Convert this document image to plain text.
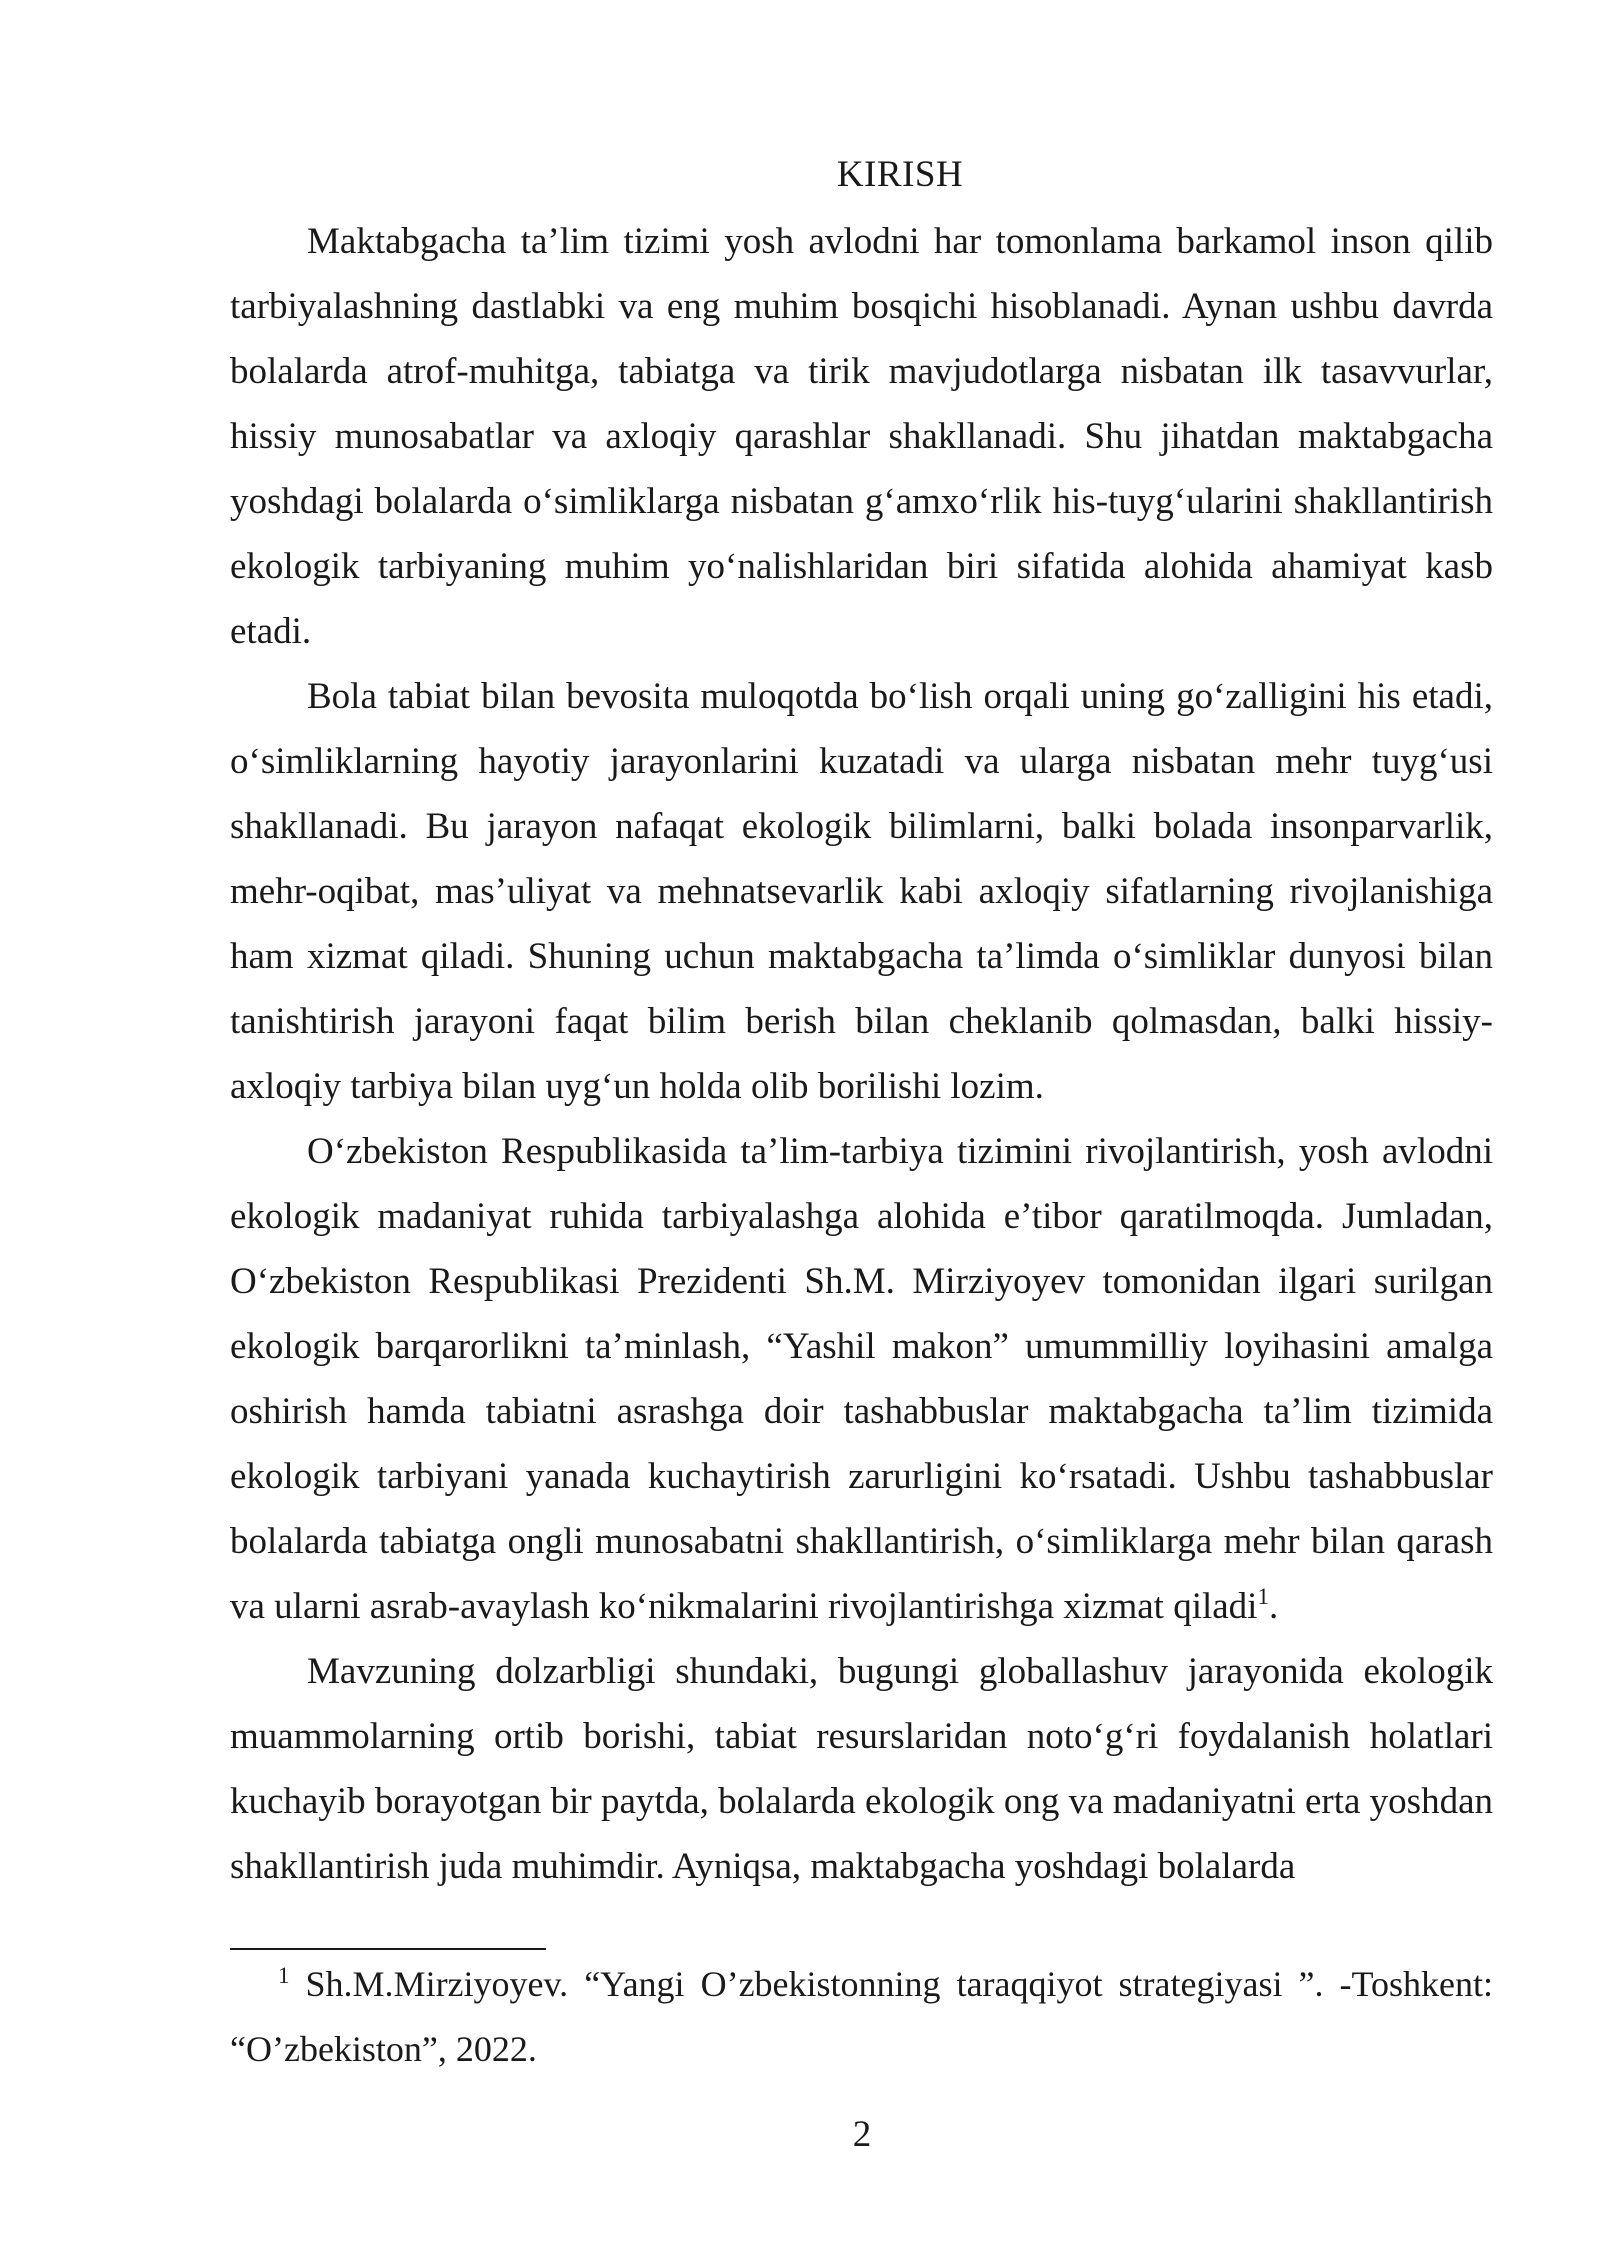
KIRISH

Maktabgacha ta’lim tizimi yosh avlodni har tomonlama barkamol inson qilib tarbiyalashning dastlabki va eng muhim bosqichi hisoblanadi. Aynan ushbu davrda bolalarda atrof-muhitga, tabiatga va tirik mavjudotlarga nisbatan ilk tasavvurlar, hissiy munosabatlar va axloqiy qarashlar shakllanadi. Shu jihatdan maktabgacha yoshdagi bolalarda o‘simliklarga nisbatan g‘amxo‘rlik his-tuyg‘ularini shakllantirish ekologik tarbiyaning muhim yo‘nalishlaridan biri sifatida alohida ahamiyat kasb etadi.

Bola tabiat bilan bevosita muloqotda bo‘lish orqali uning go‘zalligini his etadi, o‘simliklarning hayotiy jarayonlarini kuzatadi va ularga nisbatan mehr tuyg‘usi shakllanadi. Bu jarayon nafaqat ekologik bilimlarni, balki bolada insonparvarlik, mehr-oqibat, mas’uliyat va mehnatsevarlik kabi axloqiy sifatlarning rivojlanishiga ham xizmat qiladi. Shuning uchun maktabgacha ta’limda o‘simliklar dunyosi bilan tanishtirish jarayoni faqat bilim berish bilan cheklanib qolmasdan, balki hissiy-axloqiy tarbiya bilan uyg‘un holda olib borilishi lozim.

O‘zbekiston Respublikasida ta’lim-tarbiya tizimini rivojlantirish, yosh avlodni ekologik madaniyat ruhida tarbiyalashga alohida e’tibor qaratilmoqda. Jumladan, O‘zbekiston Respublikasi Prezidenti Sh.M. Mirziyoyev tomonidan ilgari surilgan ekologik barqarorlikni ta’minlash, “Yashil makon” umummilliy loyihasini amalga oshirish hamda tabiatni asrashga doir tashabbuslar maktabgacha ta’lim tizimida ekologik tarbiyani yanada kuchaytirish zarurligini ko‘rsatadi. Ushbu tashabbuslar bolalarda tabiatga ongli munosabatni shakllantirish, o‘simliklarga mehr bilan qarash va ularni asrab-avaylash ko‘nikmalarini rivojlantirishga xizmat qiladi$^1$.

Mavzuning dolzarbligi shundaki, bugungi globallashuv jarayonida ekologik muammolarning ortib borishi, tabiat resurslaridan noto‘g‘ri foydalanish holatlari kuchayib borayotgan bir paytda, bolalarda ekologik ong va madaniyatni erta yoshdan shakllantirish juda muhimdir. Ayniqsa, maktabgacha yoshdagi bolalarda

$^1$ Sh.M.Mirziyoyev. “Yangi O’zbekistonning taraqqiyot strategiyasi ”. -Toshkent: “O’zbekiston”, 2022.

2
